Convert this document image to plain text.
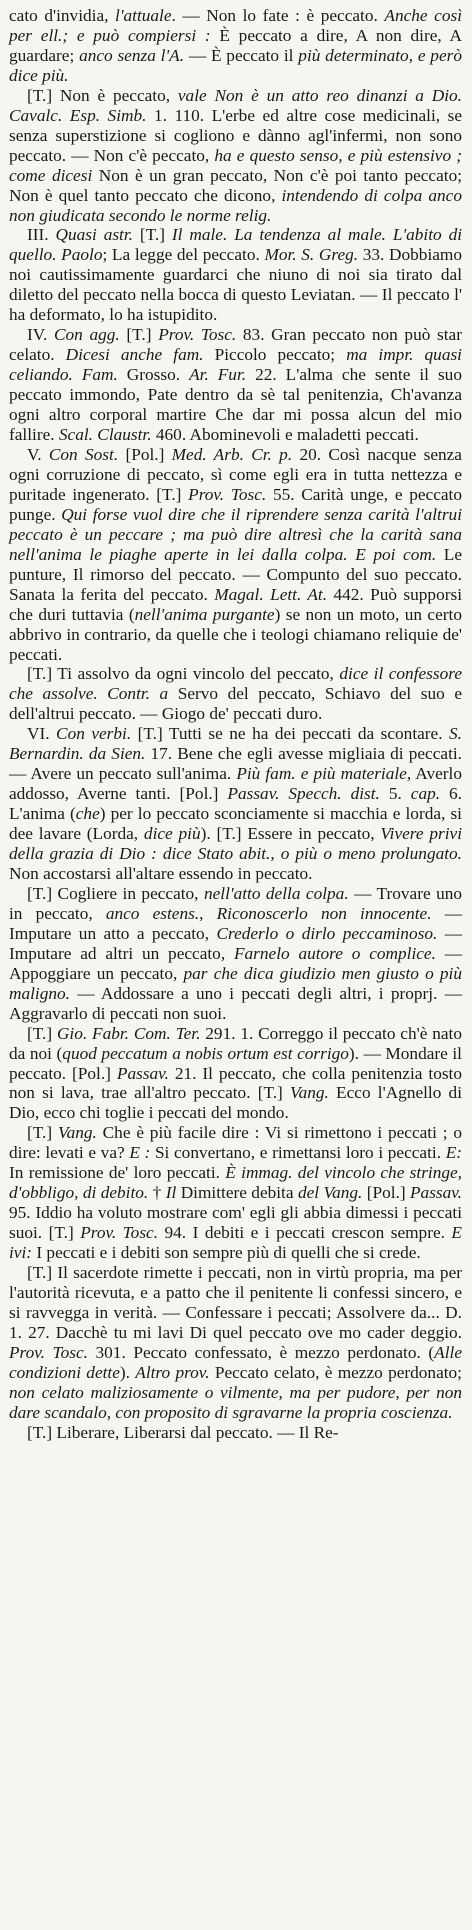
cato d'invidia, l'attuale. — Non lo fate : è peccato. Anche così per ell.; e può compiersi : È peccato a dire, A non dire, A guardare; anco senza l'A. — È peccato il più determinato, e però dice più.

[T.] Non è peccato, vale Non è un atto reo dinanzi a Dio. Cavalc. Esp. Simb. 1. 110. L'erbe ed altre cose medicinali, se senza superstizione si cogliono e dànno agl'infermi, non sono peccato. — Non c'è peccato, ha e questo senso, e più estensivo ; come dicesi Non è un gran peccato, Non c'è poi tanto peccato; Non è quel tanto peccato che dicono, intendendo di colpa anco non giudicata secondo le norme relig.

III. Quasi astr. [T.] Il male. La tendenza al male. L'abito di quello. Paolo; La legge del peccato. Mor. S. Greg. 33. Dobbiamo noi cautissimamente guardarci che niuno di noi sia tirato dal diletto del peccato nella bocca di questo Leviatan. — Il peccato l' ha deformato, lo ha istupidito.

IV. Con agg. [T.] Prov. Tosc. 83. Gran peccato non può star celato. Dicesi anche fam. Piccolo peccato; ma impr. quasi celiando. Fam. Grosso. Ar. Fur. 22. L'alma che sente il suo peccato immondo, Pate dentro da sè tal penitenzia, Ch'avanza ogni altro corporal martire Che dar mi possa alcun del mio fallire. Scal. Claustr. 460. Abominevoli e maladetti peccati.

V. Con Sost. [Pol.] Med. Arb. Cr. p. 20. Così nacque senza ogni corruzione di peccato, sì come egli era in tutta nettezza e puritade ingenerato. [T.] Prov. Tosc. 55. Carità unge, e peccato punge. Qui forse vuol dire che il riprendere senza carità l'altrui peccato è un peccare ; ma può dire altresì che la carità sana nell'anima le piaghe aperte in lei dalla colpa. E poi com. Le punture, Il rimorso del peccato. — Compunto del suo peccato. Sanata la ferita del peccato. Magal. Lett. At. 442. Può supporsi che duri tuttavia (nell'anima purgante) se non un moto, un certo abbrivo in contrario, da quelle che i teologi chiamano reliquie de' peccati.

[T.] Ti assolvo da ogni vincolo del peccato, dice il confessore che assolve. Contr. a Servo del peccato, Schiavo del suo e dell'altrui peccato. — Giogo de' peccati duro.

VI. Con verbi. [T.] Tutti se ne ha dei peccati da scontare. S. Bernardin. da Sien. 17. Bene che egli avesse migliaia di peccati. — Avere un peccato sull'anima. Più fam. e più materiale, Averlo addosso, Averne tanti. [Pol.] Passav. Specch. dist. 5. cap. 6. L'anima (che) per lo peccato sconciamente si macchia e lorda, si dee lavare (Lorda, dice più). [T.] Essere in peccato, Vivere privi della grazia di Dio : dice Stato abit., o più o meno prolungato. Non accostarsi all'altare essendo in peccato.

[T.] Cogliere in peccato, nell'atto della colpa. — Trovare uno in peccato, anco estens., Riconoscerlo non innocente. — Imputare un atto a peccato, Crederlo o dirlo peccaminoso. — Imputare ad altri un peccato, Farnelo autore o complice. — Appoggiare un peccato, par che dica giudizio men giusto o più maligno. — Addossare a uno i peccati degli altri, i proprj. — Aggravarlo di peccati non suoi.

[T.] Gio. Fabr. Com. Ter. 291. 1. Correggo il peccato ch'è nato da noi (quod peccatum a nobis ortum est corrigo). — Mondare il peccato. [Pol.] Passav. 21. Il peccato, che colla penitenzia tosto non si lava, trae all'altro peccato. [T.] Vang. Ecco l'Agnello di Dio, ecco chi toglie i peccati del mondo.

[T.] Vang. Che è più facile dire : Vi si rimettono i peccati ; o dire: levati e va? E : Si convertano, e rimettansi loro i peccati. E: In remissione de' loro peccati. È immag. del vincolo che stringe, d'obbligo, di debito. † Il Dimittere debita del Vang. [Pol.] Passav. 95. Iddio ha voluto mostrare com' egli gli abbia dimessi i peccati suoi. [T.] Prov. Tosc. 94. I debiti e i peccati crescon sempre. E ivi: I peccati e i debiti son sempre più di quelli che si crede.

[T.] Il sacerdote rimette i peccati, non in virtù propria, ma per l'autorità ricevuta, e a patto che il penitente li confessi sincero, e si ravvegga in verità. — Confessare i peccati; Assolvere da... D. 1. 27. Dacchè tu mi lavi Di quel peccato ove mo cader deggio. Prov. Tosc. 301. Peccato confessato, è mezzo perdonato. (Alle condizioni dette). Altro prov. Peccato celato, è mezzo perdonato; non celato maliziosamente o vilmente, ma per pudore, per non dare scandalo, con proposito di sgravarne la propria coscienza.

[T.] Liberare, Liberarsi dal peccato. — Il Re-
